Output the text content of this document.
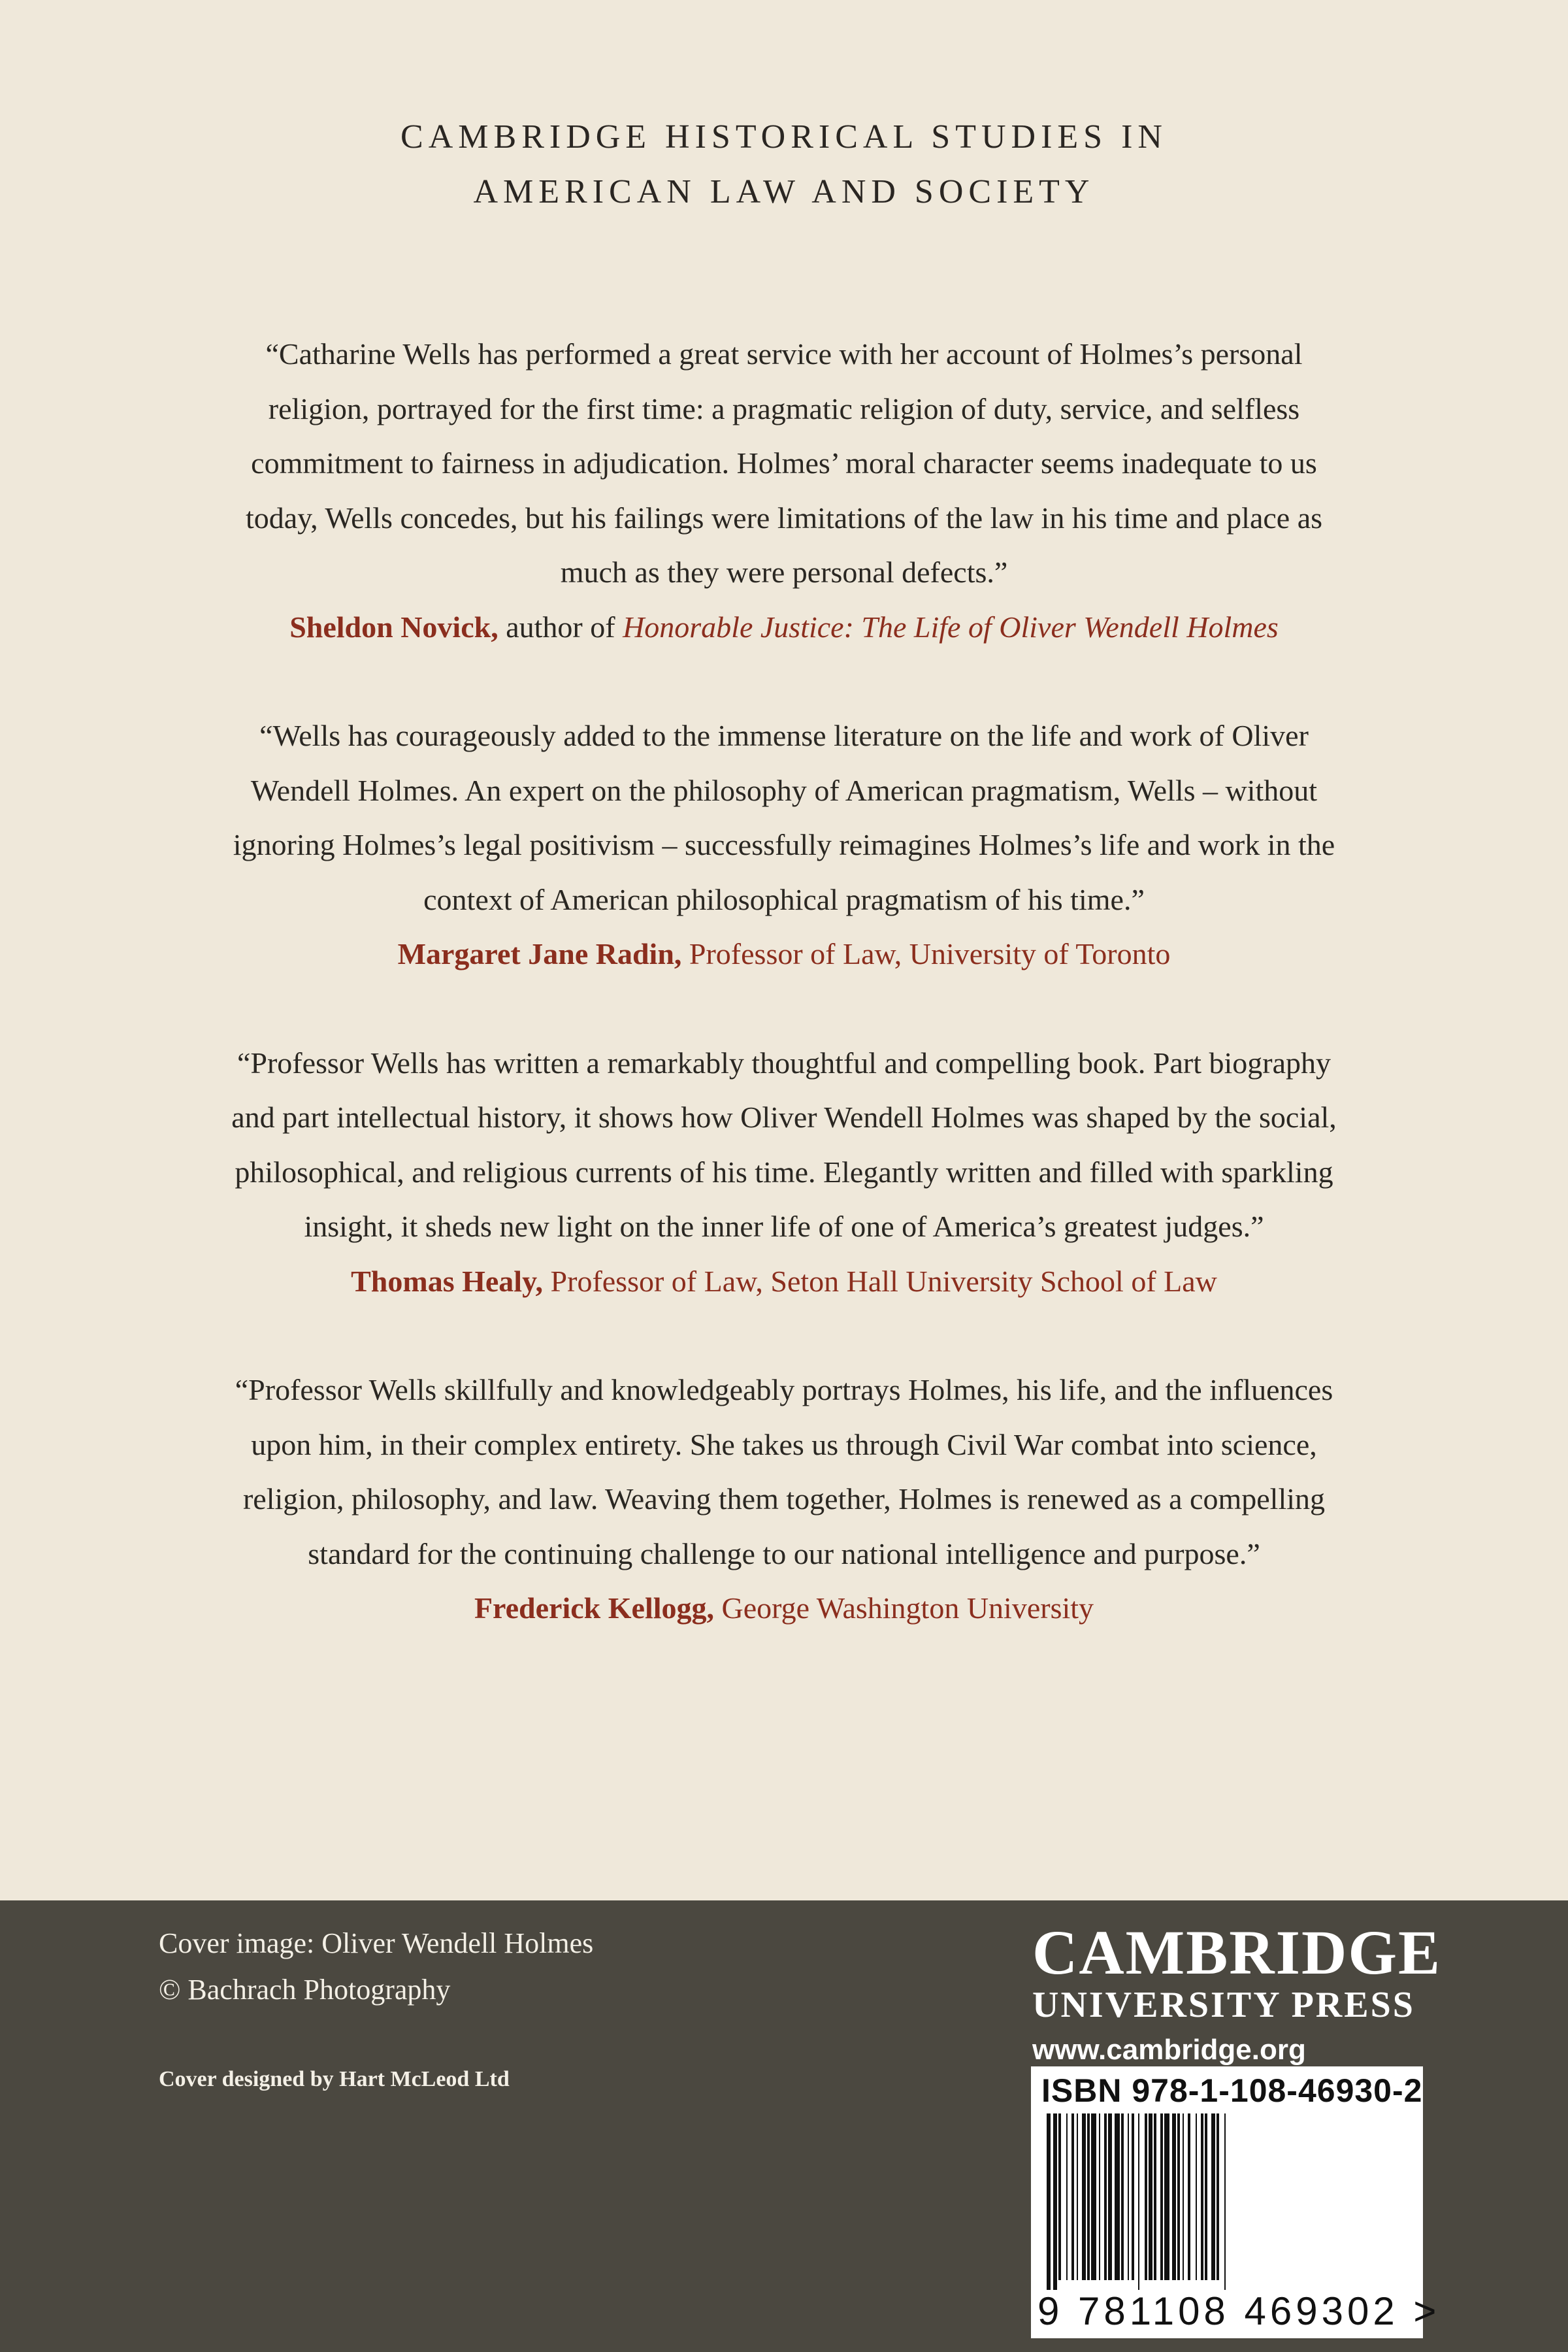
CAMBRIDGE HISTORICAL STUDIES IN
AMERICAN LAW AND SOCIETY

“Catharine Wells has performed a great service with her account of Holmes’s personal

religion, portrayed for the first time: a pragmatic religion of duty, service, and selfless

commitment to fairness in adjudication. Holmes’ moral character seems inadequate to us

today, Wells concedes, but his failings were limitations of the law in his time and place as

much as they were personal defects.”

Sheldon Novick, author of Honorable Justice: The Life of Oliver Wendell Holmes

“Wells has courageously added to the immense literature on the life and work of Oliver

Wendell Holmes. An expert on the philosophy of American pragmatism, Wells – without

ignoring Holmes’s legal positivism – successfully reimagines Holmes’s life and work in the

context of American philosophical pragmatism of his time.”

Margaret Jane Radin, Professor of Law, University of Toronto

“Professor Wells has written a remarkably thoughtful and compelling book. Part biography

and part intellectual history, it shows how Oliver Wendell Holmes was shaped by the social,

philosophical, and religious currents of his time. Elegantly written and filled with sparkling

insight, it sheds new light on the inner life of one of America’s greatest judges.”

Thomas Healy, Professor of Law, Seton Hall University School of Law

“Professor Wells skillfully and knowledgeably portrays Holmes, his life, and the influences

upon him, in their complex entirety. She takes us through Civil War combat into science,

religion, philosophy, and law. Weaving them together, Holmes is renewed as a compelling

standard for the continuing challenge to our national intelligence and purpose.”

Frederick Kellogg, George Washington University

Cover image: Oliver Wendell Holmes
© Bachrach Photography
Cover designed by Hart McLeod Ltd
CAMBRIDGE
UNIVERSITY PRESS
www.cambridge.org
ISBN 978-1-108-46930-2
9 781108 469302 >
